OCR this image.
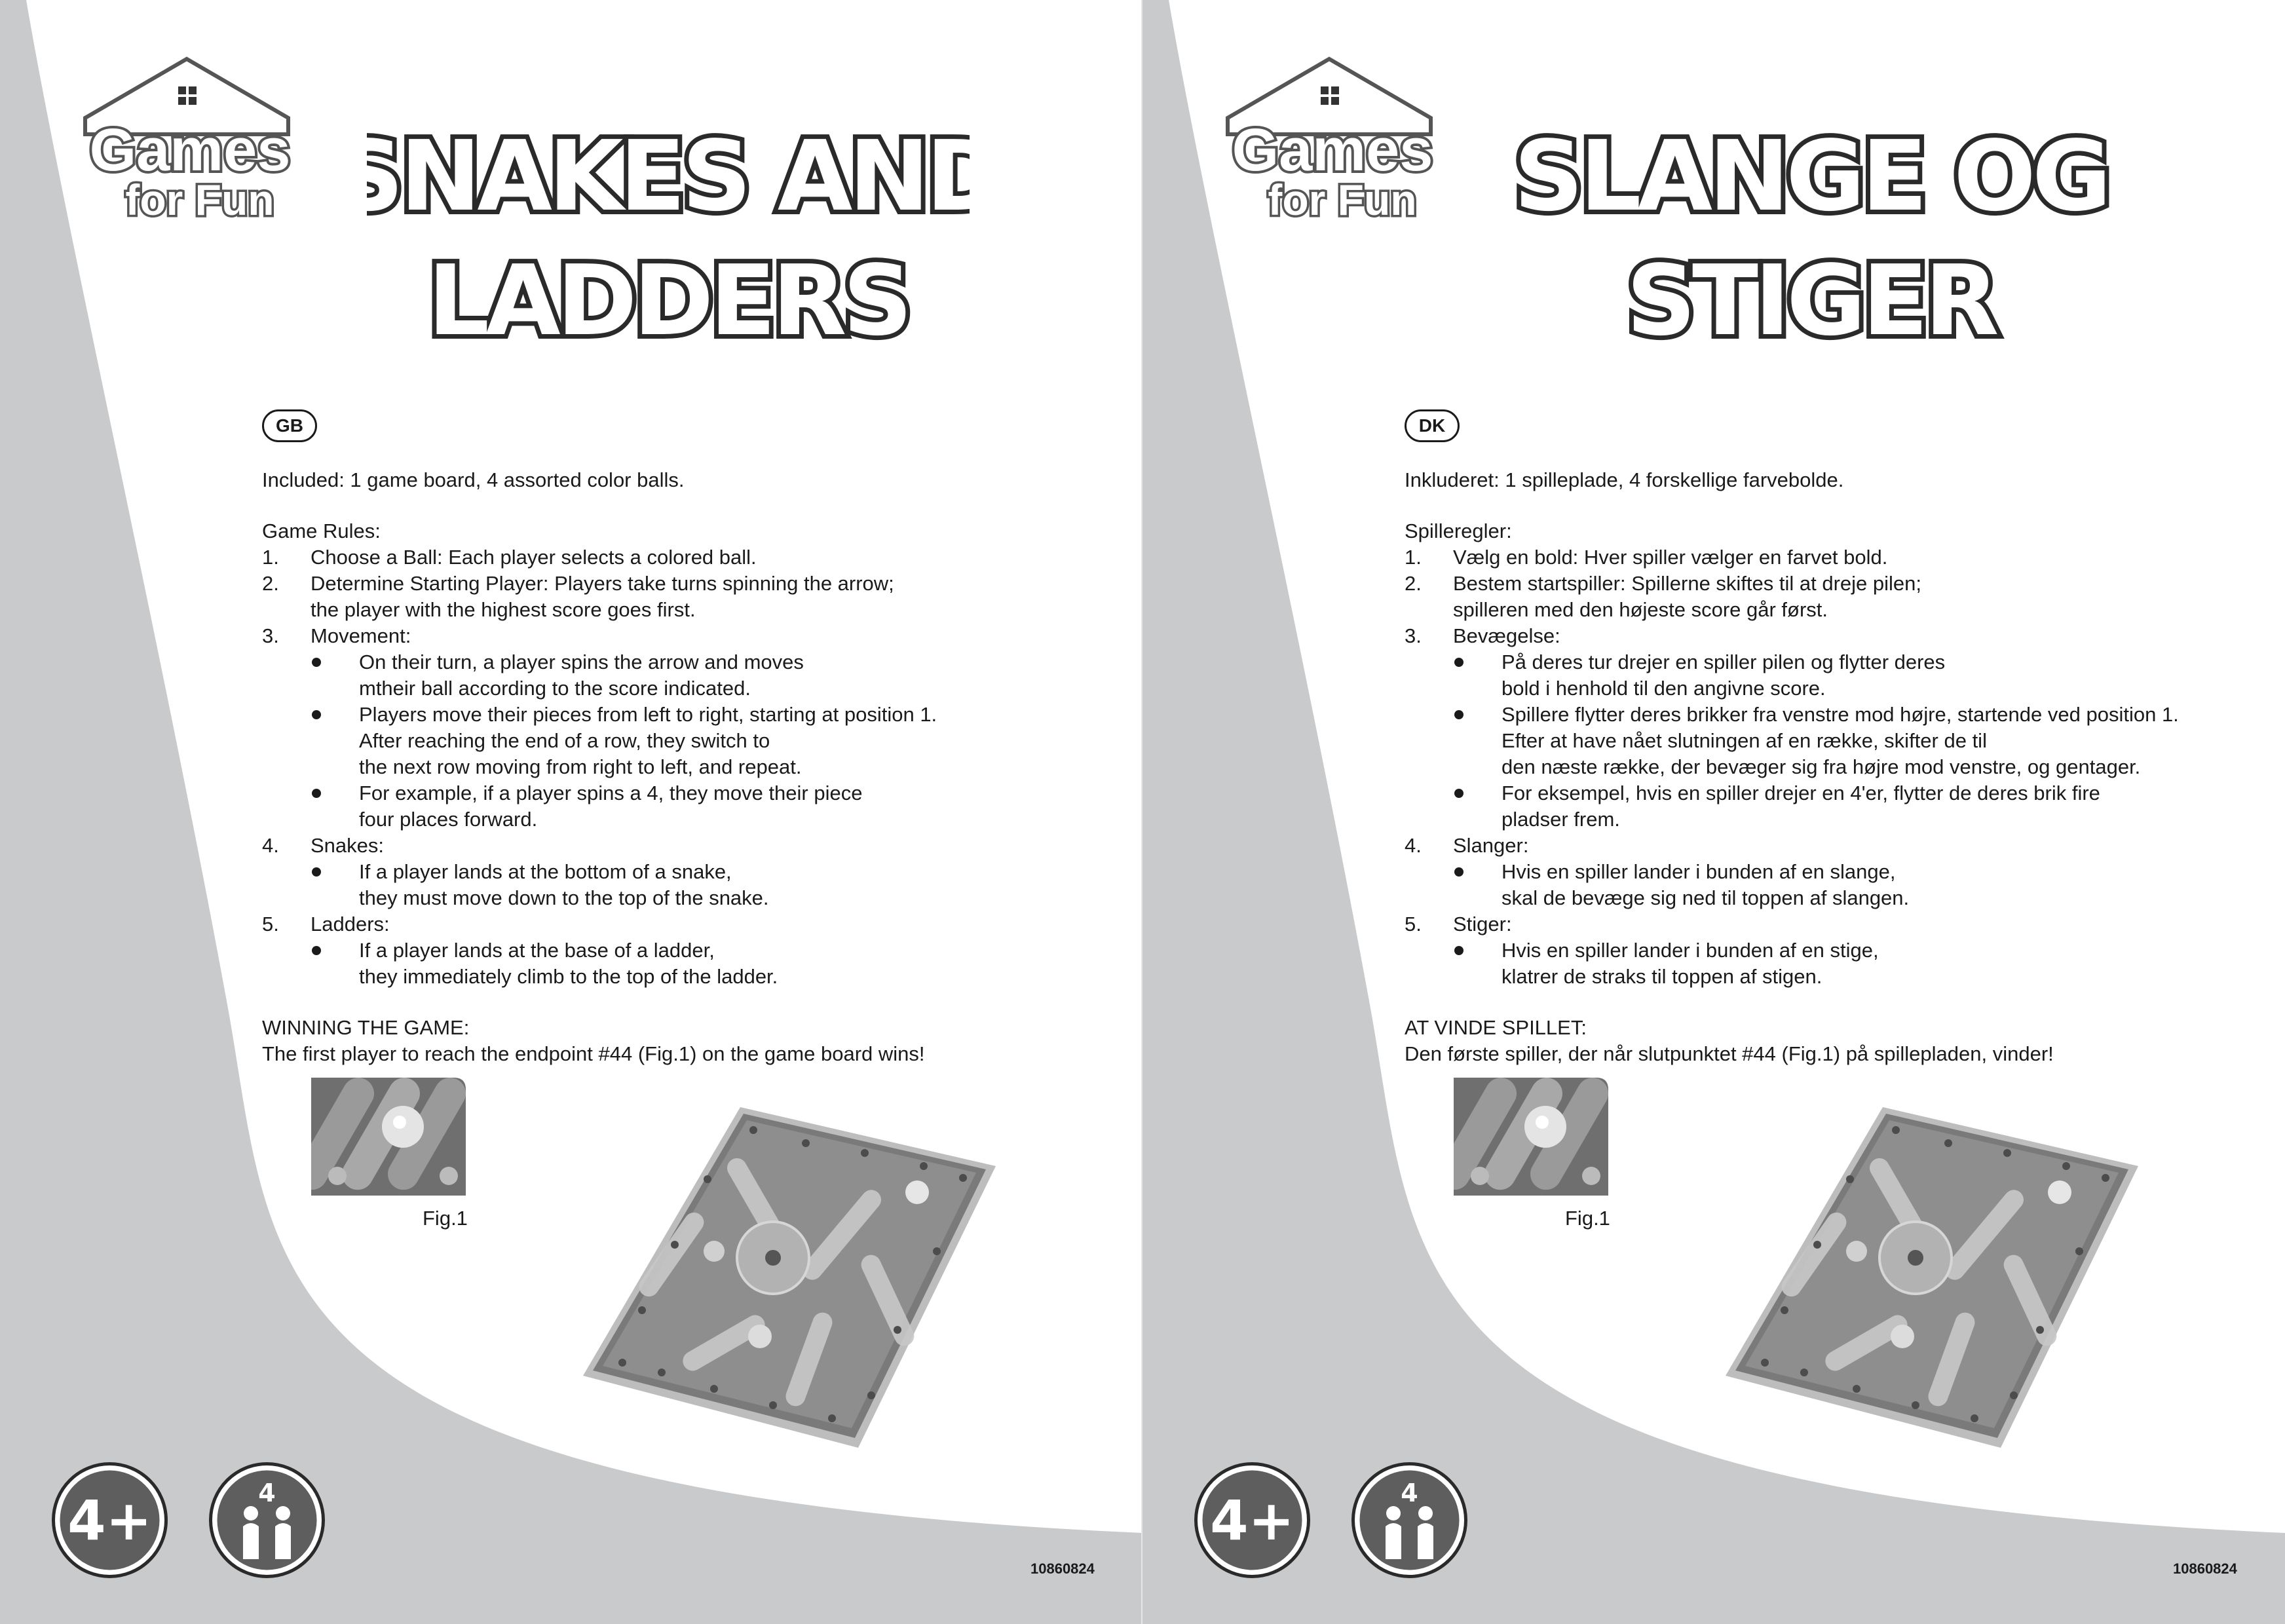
Games
for Fun SNAKES AND
LADDERS
GB

Included: 1 game board, 4 assorted color balls.

Game Rules:

1. Choose a Ball: Each player selects a colored ball.

2. Determine Starting Player: Players take turns spinning the arrow;

the player with the highest score goes first.

3. Movement:

On their turn, a player spins the arrow and moves

mtheir ball according to the score indicated.

Players move their pieces from left to right, starting at position 1.

After reaching the end of a row, they switch to

the next row moving from right to left, and repeat.

For example, if a player spins a 4, they move their piece

four places forward.

4. Snakes:

If a player lands at the bottom of a snake,

they must move down to the top of the snake.

5. Ladders:

If a player lands at the base of a ladder,

they immediately climb to the top of the ladder.

WINNING THE GAME:

The first player to reach the endpoint #44 (Fig.1) on the game board wins!

Fig.1
4+	4
10860824
Games
for Fun SLANGE OG
STIGER
DK

Inkluderet: 1 spilleplade, 4 forskellige farvebolde.

Spilleregler:

1. Vælg en bold: Hver spiller vælger en farvet bold.

2. Bestem startspiller: Spillerne skiftes til at dreje pilen;

spilleren med den højeste score går først.

3. Bevægelse:

På deres tur drejer en spiller pilen og flytter deres

bold i henhold til den angivne score.

Spillere flytter deres brikker fra venstre mod højre, startende ved position 1.

Efter at have nået slutningen af en række, skifter de til

den næste række, der bevæger sig fra højre mod venstre, og gentager.

For eksempel, hvis en spiller drejer en 4'er, flytter de deres brik fire

pladser frem.

4. Slanger:

Hvis en spiller lander i bunden af en slange,

skal de bevæge sig ned til toppen af slangen.

5. Stiger:

Hvis en spiller lander i bunden af en stige,

klatrer de straks til toppen af stigen.

AT VINDE SPILLET:

Den første spiller, der når slutpunktet #44 (Fig.1) på spillepladen, vinder!

Fig.1
4+	4
10860824
